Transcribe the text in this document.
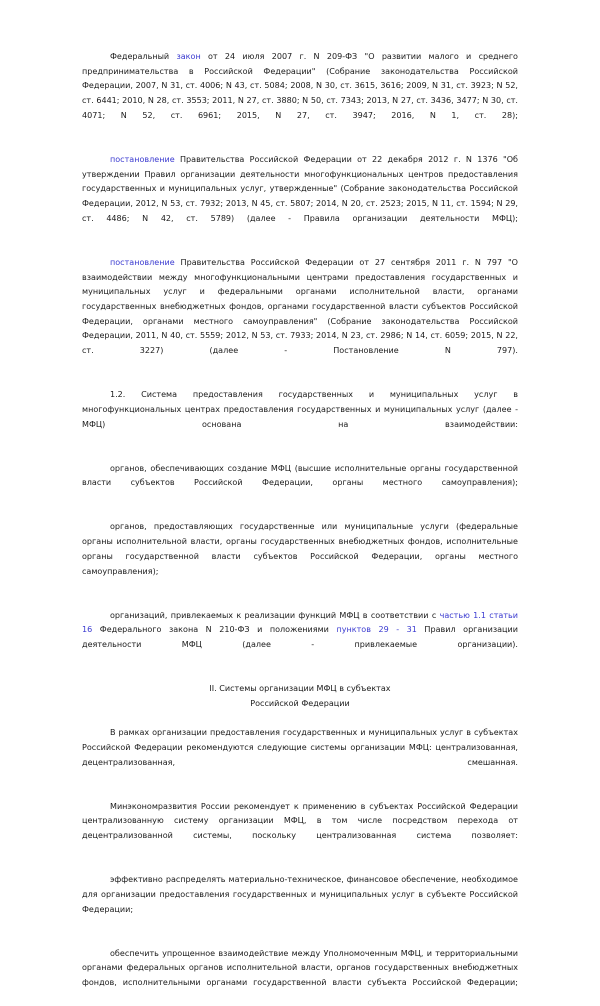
Федеральный закон от 24 июля 2007 г. N 209-ФЗ "О развитии малого и среднего предпринимательства в Российской Федерации" (Собрание законодательства Российской Федерации, 2007, N 31, ст. 4006; N 43, ст. 5084; 2008, N 30, ст. 3615, 3616; 2009, N 31, ст. 3923; N 52, ст. 6441; 2010, N 28, ст. 3553; 2011, N 27, ст. 3880; N 50, ст. 7343; 2013, N 27, ст. 3436, 3477; N 30, ст. 4071; N 52, ст. 6961; 2015, N 27, ст. 3947; 2016, N 1, ст. 28);

постановление Правительства Российской Федерации от 22 декабря 2012 г. N 1376 "Об утверждении Правил организации деятельности многофункциональных центров предоставления государственных и муниципальных услуг, утвержденные" (Собрание законодательства Российской Федерации, 2012, N 53, ст. 7932; 2013, N 45, ст. 5807; 2014, N 20, ст. 2523; 2015, N 11, ст. 1594; N 29, ст. 4486; N 42, ст. 5789) (далее - Правила организации деятельности МФЦ);

постановление Правительства Российской Федерации от 27 сентября 2011 г. N 797 "О взаимодействии между многофункциональными центрами предоставления государственных и муниципальных услуг и федеральными органами исполнительной власти, органами государственных внебюджетных фондов, органами государственной власти субъектов Российской Федерации, органами местного самоуправления" (Собрание законодательства Российской Федерации, 2011, N 40, ст. 5559; 2012, N 53, ст. 7933; 2014, N 23, ст. 2986; N 14, ст. 6059; 2015, N 22, ст. 3227) (далее - Постановление N 797).

1.2. Система предоставления государственных и муниципальных услуг в многофункциональных центрах предоставления государственных и муниципальных услуг (далее - МФЦ) основана на взаимодействии:

органов, обеспечивающих создание МФЦ (высшие исполнительные органы государственной власти субъектов Российской Федерации, органы местного самоуправления);

органов, предоставляющих государственные или муниципальные услуги (федеральные органы исполнительной власти, органы государственных внебюджетных фондов, исполнительные органы государственной власти субъектов Российской Федерации, органы местного самоуправления);

организаций, привлекаемых к реализации функций МФЦ в соответствии с частью 1.1 статьи 16 Федерального закона N 210-ФЗ и положениями пунктов 29 - 31 Правил организации деятельности МФЦ (далее - привлекаемые организации).

II. Системы организации МФЦ в субъектах
Российской Федерации

В рамках организации предоставления государственных и муниципальных услуг в субъектах Российской Федерации рекомендуются следующие системы организации МФЦ: централизованная, децентрализованная, смешанная.

Минэкономразвития России рекомендует к применению в субъектах Российской Федерации централизованную систему организации МФЦ, в том числе посредством перехода от децентрализованной системы, поскольку централизованная система позволяет:

эффективно распределять материально-техническое, финансовое обеспечение, необходимое для организации предоставления государственных и муниципальных услуг в субъекте Российской Федерации;

обеспечить упрощенное взаимодействие между Уполномоченным МФЦ, и территориальными органами федеральных органов исполнительной власти, органов государственных внебюджетных фондов, исполнительными органами государственной власти субъекта Российской Федерации;
